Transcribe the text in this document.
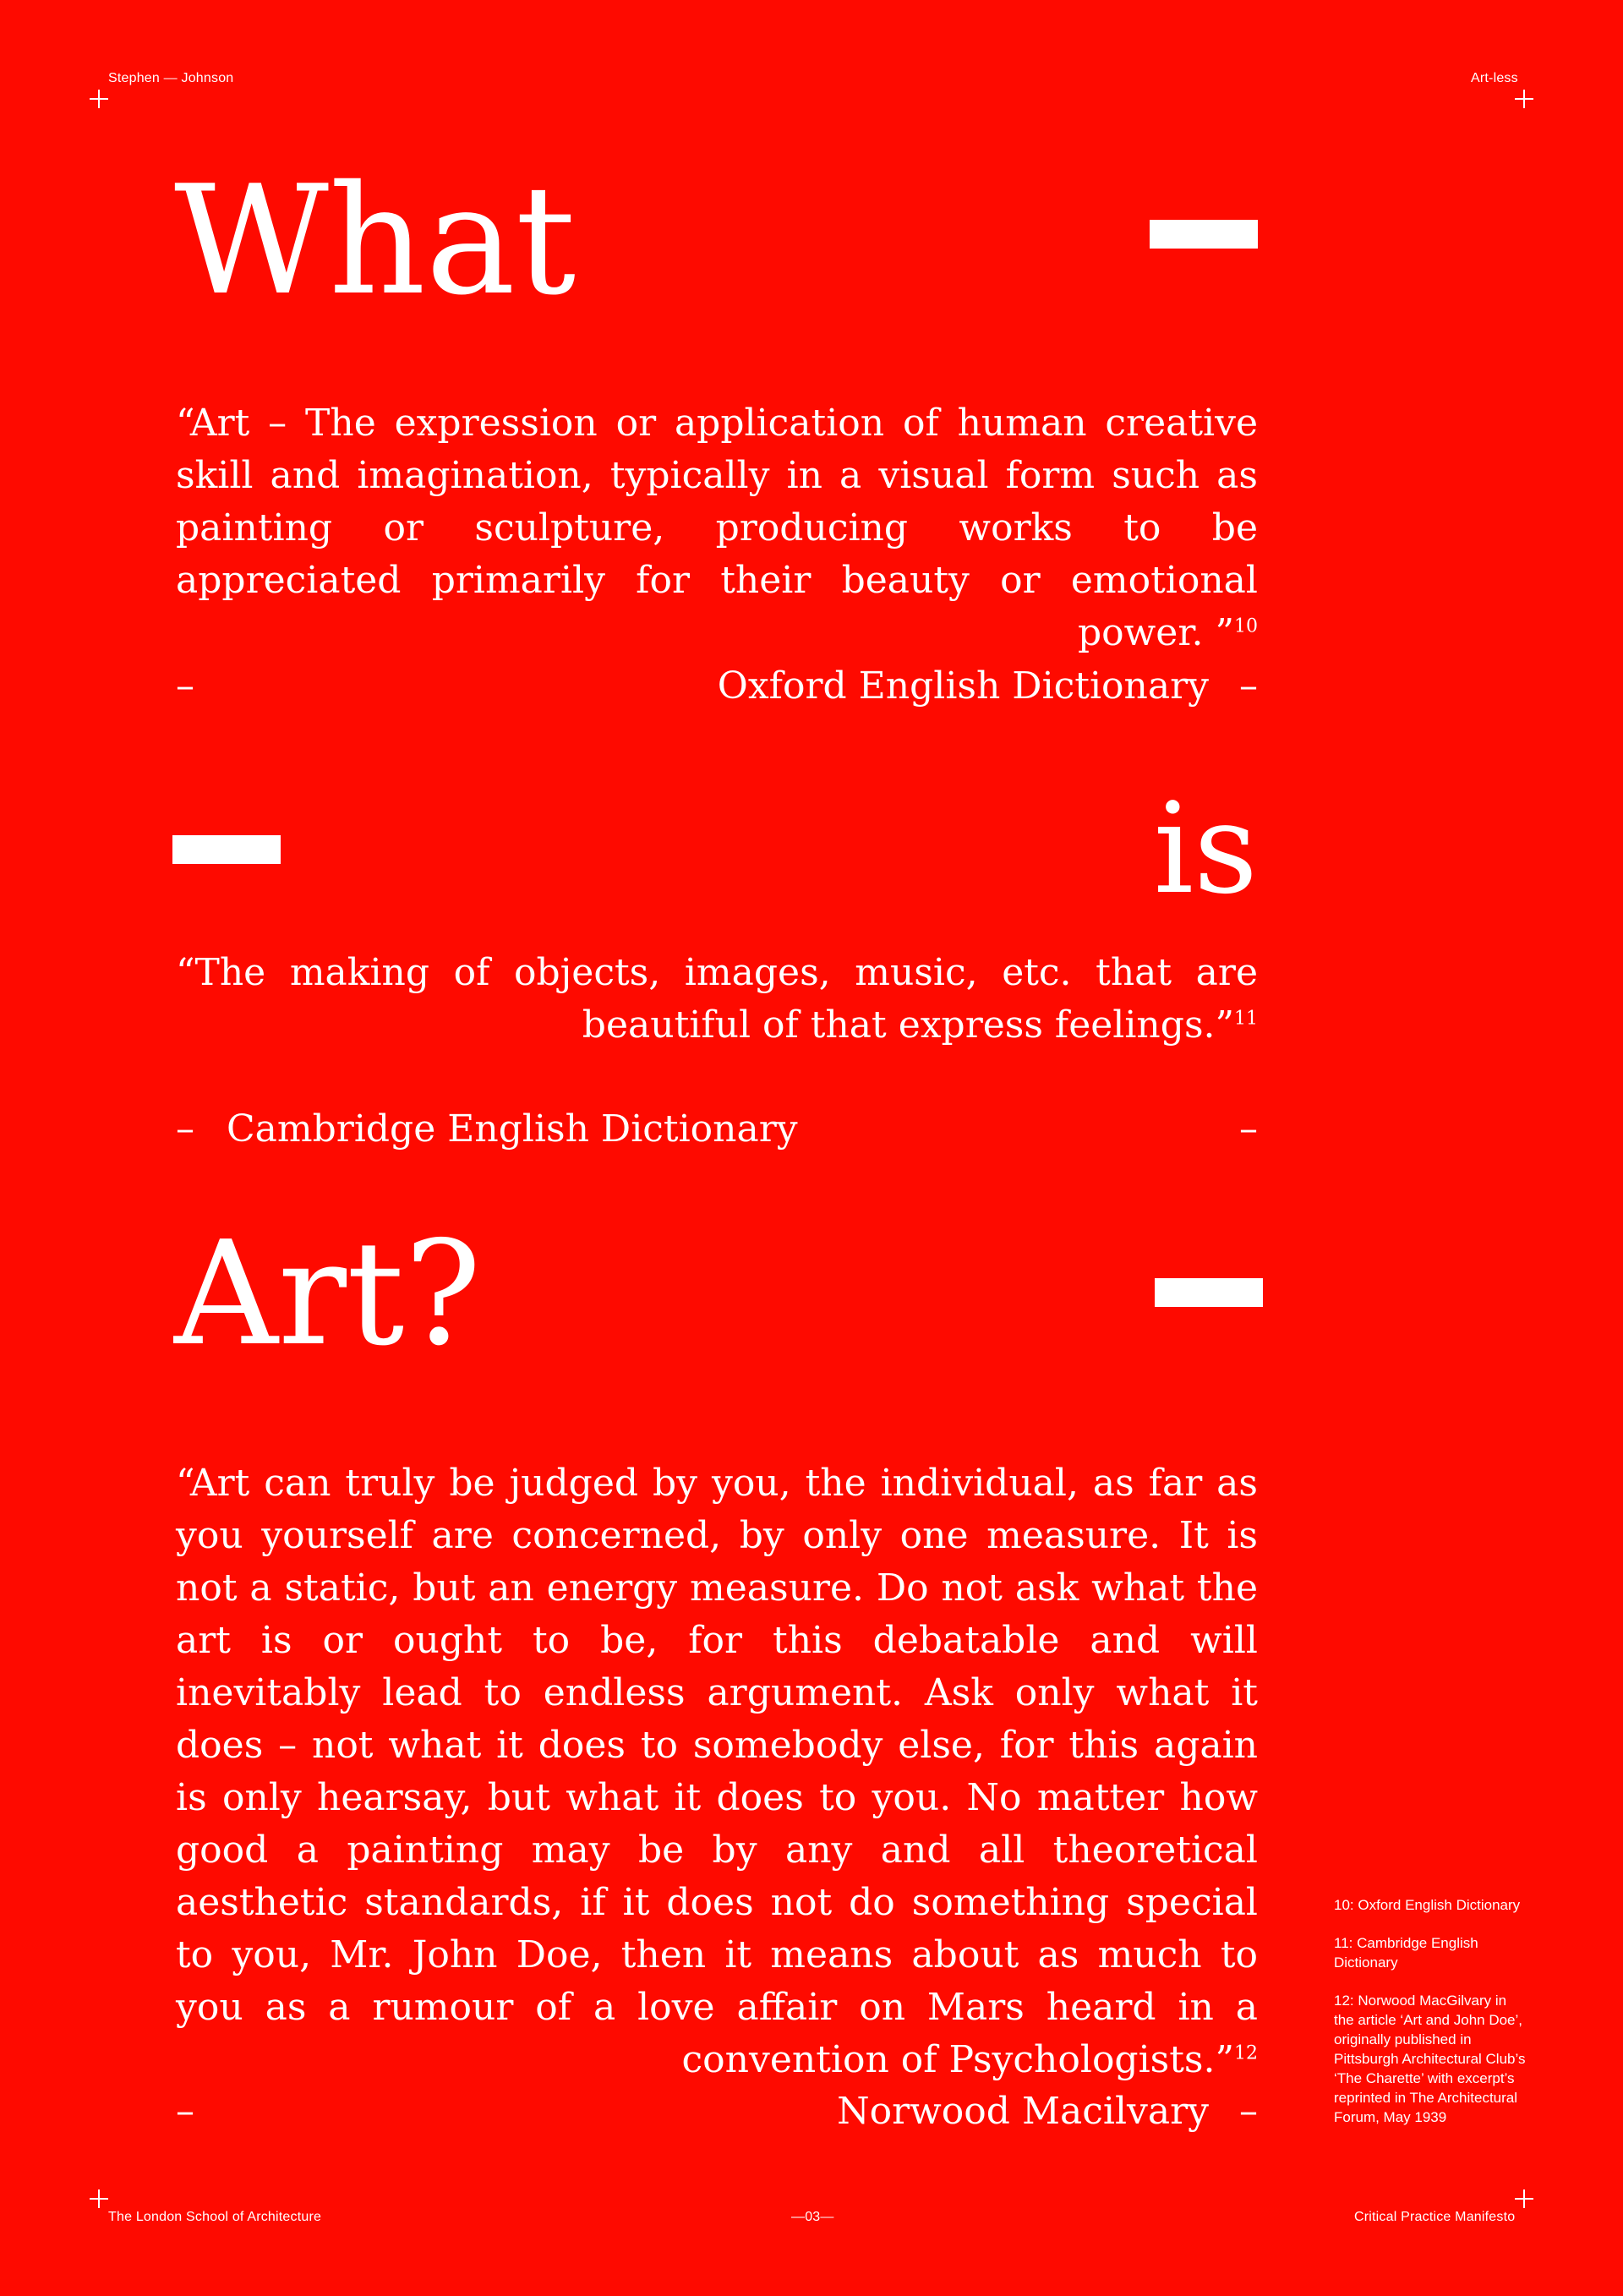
Stephen — Johnson	Art-less
What

“Art – The expression or application of human creative skill and imagination, typically in a visual form such as painting or sculpture, producing works to be appreciated primarily for their beauty or emotional power. ”$^{10}$

–	Oxford English Dictionary –
is

“The making of objects, images, music, etc. that are beautiful of that express feelings.”$^{11}$

– Cambridge English Dictionary	–
Art?

“Art can truly be judged by you, the individual, as far as you yourself are concerned, by only one measure. It is not a static, but an energy measure. Do not ask what the art is or ought to be, for this debatable and will inevitably lead to endless argument. Ask only what it does – not what it does to somebody else, for this again is only hearsay, but what it does to you. No matter how good a painting may be by any and all theoretical aesthetic standards, if it does not do something special to you, Mr. John Doe, then it means about as much to you as a rumour of a love affair on Mars heard in a convention of Psychologists.”$^{12}$

–	Norwood Macilvary –

10: Oxford English Dictionary

11: Cambridge English Dictionary

12: Norwood MacGilvary in the article ‘Art and John Doe’, originally published in Pittsburgh Architectural Club’s ‘The Charette’ with excerpt’s reprinted in The Architectural Forum, May 1939

The London School of Architecture	—03—	Critical Practice Manifesto
